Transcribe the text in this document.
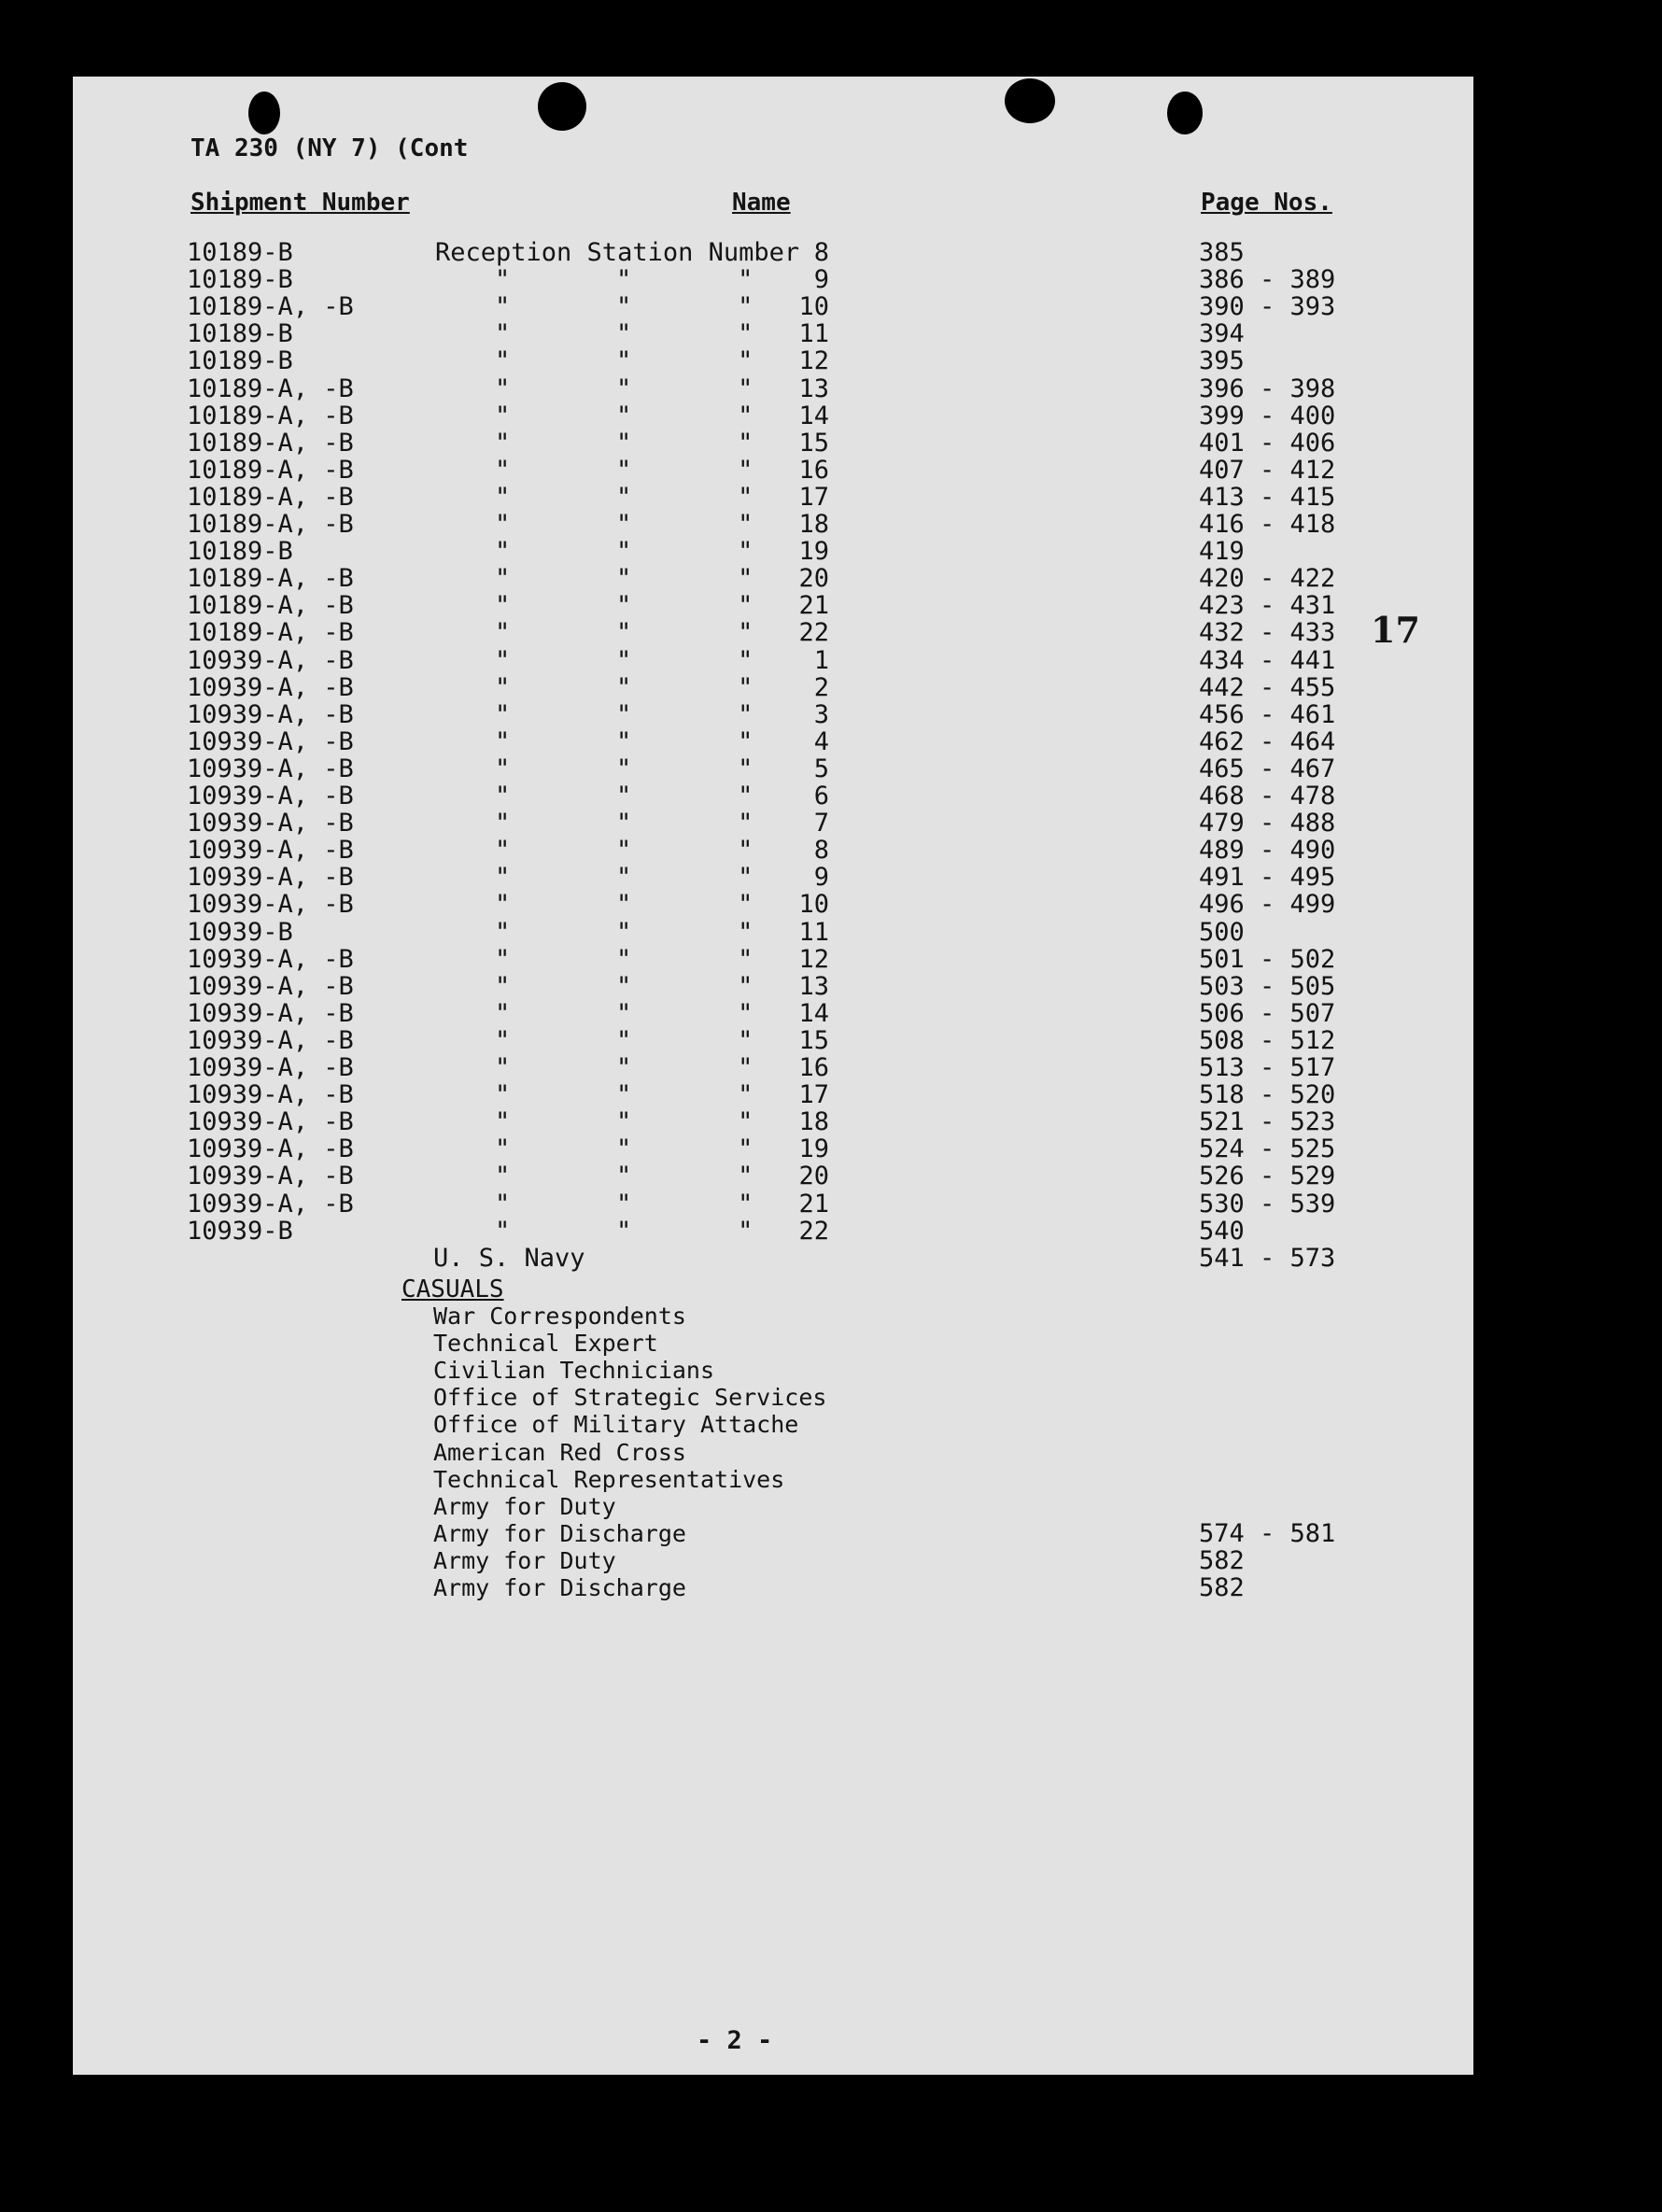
TA 230 (NY 7) (Cont
Shipment Number	Name	Page Nos.
10189-B	Reception Station Number 8	385
10189-B	"       "       "	9	386 - 389
10189-A, -B	"       "       "	10	390 - 393
10189-B	"       "       "	11	394
10189-B	"       "       "	12	395
10189-A, -B	"       "       "	13	396 - 398
10189-A, -B	"       "       "	14	399 - 400
10189-A, -B	"       "       "	15	401 - 406
10189-A, -B	"       "       "	16	407 - 412
10189-A, -B	"       "       "	17	413 - 415
10189-A, -B	"       "       "	18	416 - 418
10189-B	"       "       "	19	419
10189-A, -B	"       "       "	20	420 - 422
10189-A, -B	"       "       "	21	423 - 431
10189-A, -B	"       "       "	22	432 - 433
10939-A, -B	"       "       "	1	434 - 441
10939-A, -B	"       "       "	2	442 - 455
10939-A, -B	"       "       "	3	456 - 461
10939-A, -B	"       "       "	4	462 - 464
10939-A, -B	"       "       "	5	465 - 467
10939-A, -B	"       "       "	6	468 - 478
10939-A, -B	"       "       "	7	479 - 488
10939-A, -B	"       "       "	8	489 - 490
10939-A, -B	"       "       "	9	491 - 495
10939-A, -B	"       "       "	10	496 - 499
10939-B	"       "       "	11	500
10939-A, -B	"       "       "	12	501 - 502
10939-A, -B	"       "       "	13	503 - 505
10939-A, -B	"       "       "	14	506 - 507
10939-A, -B	"       "       "	15	508 - 512
10939-A, -B	"       "       "	16	513 - 517
10939-A, -B	"       "       "	17	518 - 520
10939-A, -B	"       "       "	18	521 - 523
10939-A, -B	"       "       "	19	524 - 525
10939-A, -B	"       "       "	20	526 - 529
10939-A, -B	"       "       "	21	530 - 539
10939-B	"       "       "	22	540
U. S. Navy	541 - 573
CASUALS
War Correspondents
Technical Expert
Civilian Technicians
Office of Strategic Services
Office of Military Attache
American Red Cross
Technical Representatives
Army for Duty
Army for Discharge	574 - 581
Army for Duty	582
Army for Discharge	582
17
- 2 -
